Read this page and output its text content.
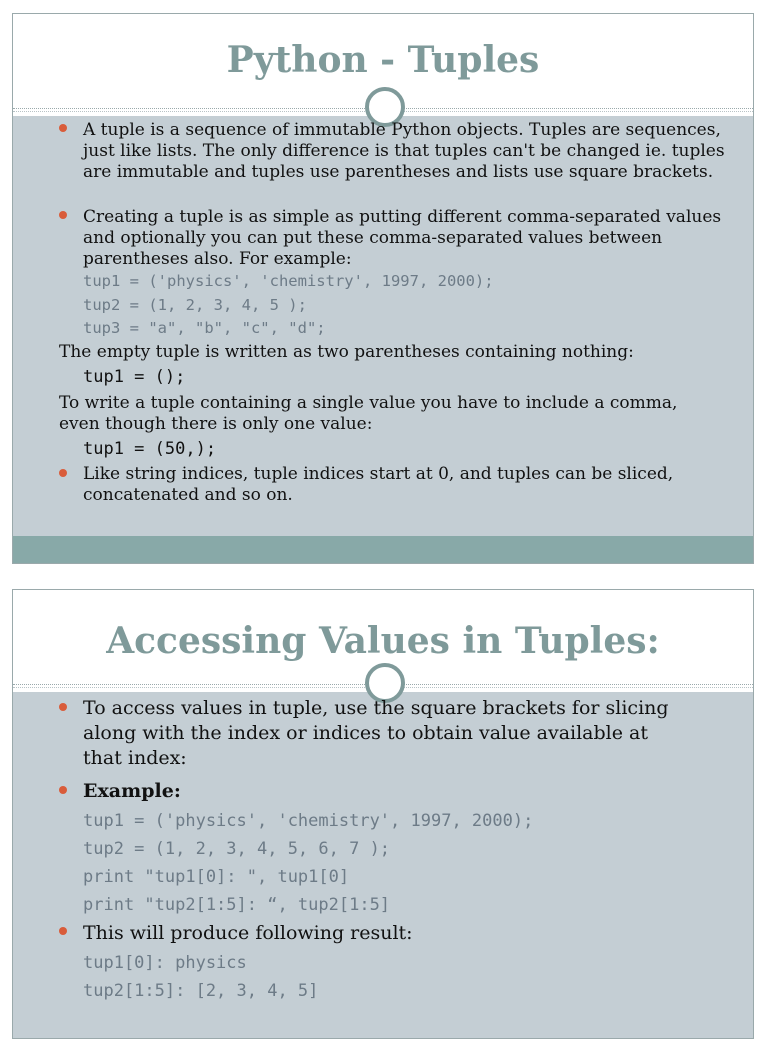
Python - Tuples
A tuple is a sequence of immutable Python objects. Tuples are sequences, just like lists. The only difference is that tuples can't be changed ie. tuples are immutable and tuples use parentheses and lists use square brackets.
Creating a tuple is as simple as putting different comma-separated values and optionally you can put these comma-separated values between parentheses also. For example:
tup1 = ('physics', 'chemistry', 1997, 2000);
tup2 = (1, 2, 3, 4, 5 );
tup3 = "a", "b", "c", "d";
The empty tuple is written as two parentheses containing nothing:
tup1 = ();
To write a tuple containing a single value you have to include a comma, even though there is only one value:
tup1 = (50,);
Like string indices, tuple indices start at 0, and tuples can be sliced, concatenated and so on.
Accessing Values in Tuples:
To access values in tuple, use the square brackets for slicing along with the index or indices to obtain value available at that index:
Example:
tup1 = ('physics', 'chemistry', 1997, 2000);
tup2 = (1, 2, 3, 4, 5, 6, 7 );
print "tup1[0]: ", tup1[0]
print "tup2[1:5]: “, tup2[1:5]
This will produce following result:
tup1[0]: physics
tup2[1:5]: [2, 3, 4, 5]
